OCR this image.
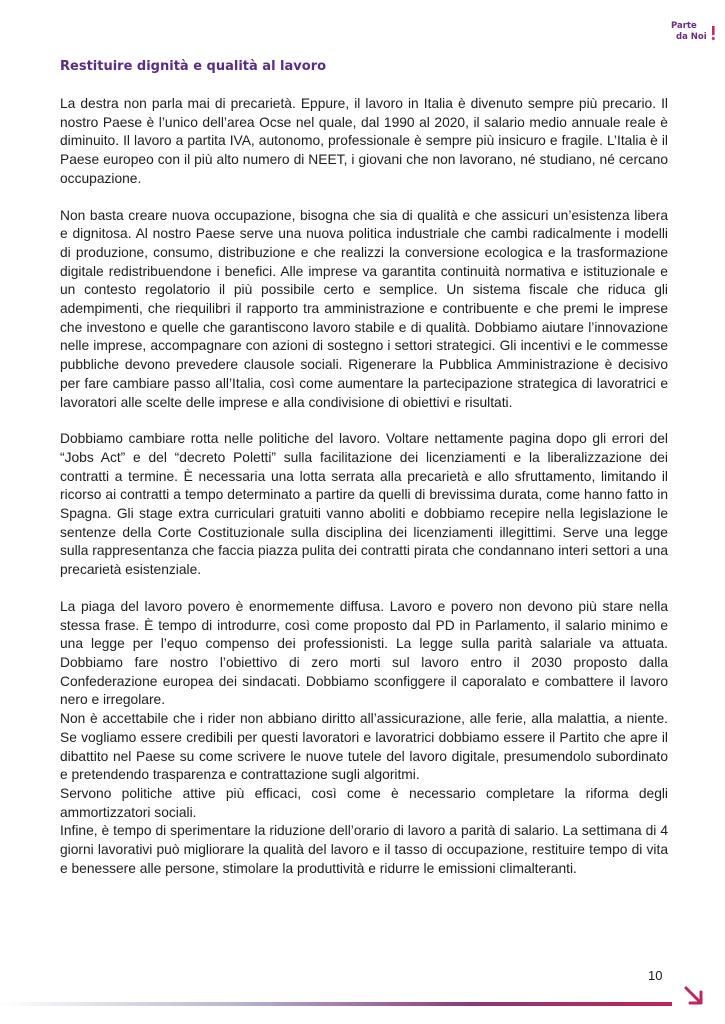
Parte
da Noi
Restituire dignità e qualità al lavoro

La destra non parla mai di precarietà. Eppure, il lavoro in Italia è divenuto sempre più precario. Il nostro Paese è l’unico dell’area Ocse nel quale, dal 1990 al 2020, il salario medio annuale reale è diminuito. Il lavoro a partita IVA, autonomo, professionale è sempre più insicuro e fragile. L’Italia è il Paese europeo con il più alto numero di NEET, i giovani che non lavorano, né studiano, né cercano occupazione.

Non basta creare nuova occupazione, bisogna che sia di qualità e che assicuri un’esistenza libera e dignitosa. Al nostro Paese serve una nuova politica industriale che cambi radicalmente i modelli di produzione, consumo, distribuzione e che realizzi la conversione ecologica e la trasformazione digitale redistribuendone i benefici. Alle imprese va garantita continuità normativa e istituzionale e un contesto regolatorio il più possibile certo e semplice. Un sistema fiscale che riduca gli adempimenti, che riequilibri il rapporto tra amministrazione e contribuente e che premi le imprese che investono e quelle che garantiscono lavoro stabile e di qualità. Dobbiamo aiutare l’innovazione nelle imprese, accompagnare con azioni di sostegno i settori strategici. Gli incentivi e le commesse pubbliche devono prevedere clausole sociali. Rigenerare la Pubblica Amministrazione è decisivo per fare cambiare passo all’Italia, così come aumentare la partecipazione strategica di lavoratrici e lavoratori alle scelte delle imprese e alla condivisione di obiettivi e risultati.

Dobbiamo cambiare rotta nelle politiche del lavoro. Voltare nettamente pagina dopo gli errori del “Jobs Act” e del “decreto Poletti” sulla facilitazione dei licenziamenti e la liberalizzazione dei contratti a termine. È necessaria una lotta serrata alla precarietà e allo sfruttamento, limitando il ricorso ai contratti a tempo determinato a partire da quelli di brevissima durata, come hanno fatto in Spagna. Gli stage extra curriculari gratuiti vanno aboliti e dobbiamo recepire nella legislazione le sentenze della Corte Costituzionale sulla disciplina dei licenziamenti illegittimi. Serve una legge sulla rappresentanza che faccia piazza pulita dei contratti pirata che condannano interi settori a una precarietà esistenziale.

La piaga del lavoro povero è enormemente diffusa. Lavoro e povero non devono più stare nella stessa frase. È tempo di introdurre, così come proposto dal PD in Parlamento, il salario minimo e una legge per l’equo compenso dei professionisti. La legge sulla parità salariale va attuata. Dobbiamo fare nostro l’obiettivo di zero morti sul lavoro entro il 2030 proposto dalla Confederazione europea dei sindacati. Dobbiamo sconfiggere il caporalato e combattere il lavoro nero e irregolare.

Non è accettabile che i rider non abbiano diritto all’assicurazione, alle ferie, alla malattia, a niente. Se vogliamo essere credibili per questi lavoratori e lavoratrici dobbiamo essere il Partito che apre il dibattito nel Paese su come scrivere le nuove tutele del lavoro digitale, presumendolo subordinato e pretendendo trasparenza e contrattazione sugli algoritmi.

Servono politiche attive più efficaci, così come è necessario completare la riforma degli ammortizzatori sociali.

Infine, è tempo di sperimentare la riduzione dell’orario di lavoro a parità di salario. La settimana di 4 giorni lavorativi può migliorare la qualità del lavoro e il tasso di occupazione, restituire tempo di vita e benessere alle persone, stimolare la produttività e ridurre le emissioni climalteranti.

10
